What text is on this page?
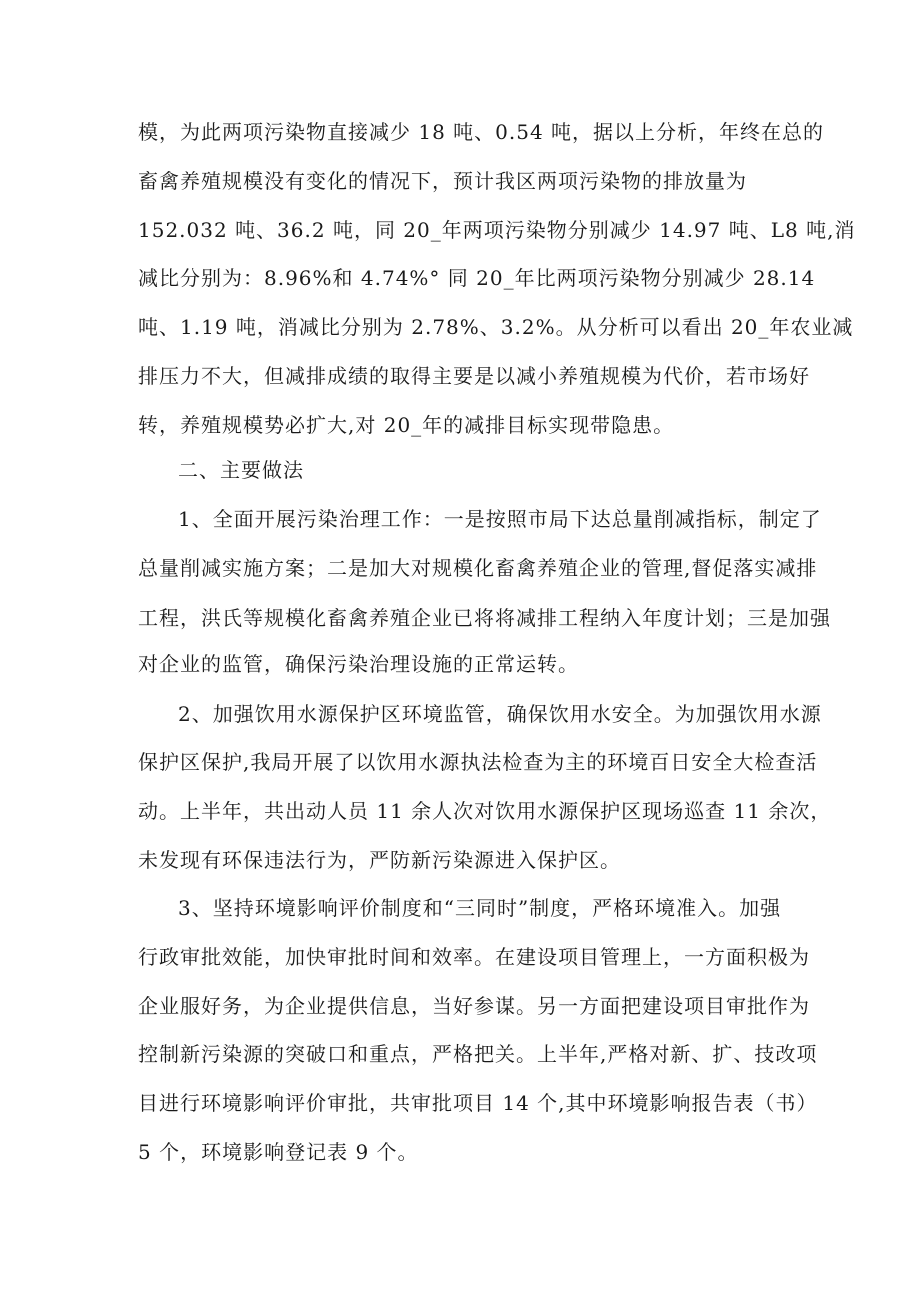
模，为此两项污染物直接减少 18 吨、0.54 吨，据以上分析，年终在总的
畜禽养殖规模没有变化的情况下，预计我区两项污染物的排放量为
152.032 吨、36.2 吨，同 20_年两项污染物分别减少 14.97 吨、L8 吨,消
减比分别为：8.96%和 4.74%° 同 20_年比两项污染物分别减少 28.14
吨、1.19 吨，消减比分别为 2.78%、3.2%。从分析可以看出 20_年农业减
排压力不大，但减排成绩的取得主要是以减小养殖规模为代价，若市场好
转，养殖规模势必扩大,对 20_年的减排目标实现带隐患。
二、主要做法
1、全面开展污染治理工作：一是按照市局下达总量削减指标，制定了
总量削减实施方案；二是加大对规模化畜禽养殖企业的管理,督促落实减排
工程，洪氏等规模化畜禽养殖企业已将将减排工程纳入年度计划；三是加强
对企业的监管，确保污染治理设施的正常运转。
2、加强饮用水源保护区环境监管，确保饮用水安全。为加强饮用水源
保护区保护,我局开展了以饮用水源执法检查为主的环境百日安全大检查活
动。上半年，共出动人员 11 余人次对饮用水源保护区现场巡查 11 余次，
未发现有环保违法行为，严防新污染源进入保护区。
3、坚持环境影响评价制度和“三同时”制度，严格环境准入。加强
行政审批效能，加快审批时间和效率。在建设项目管理上，一方面积极为
企业服好务，为企业提供信息，当好参谋。另一方面把建设项目审批作为
控制新污染源的突破口和重点，严格把关。上半年,严格对新、扩、技改项
目进行环境影响评价审批，共审批项目 14 个,其中环境影响报告表（书）
5 个，环境影响登记表 9 个。
